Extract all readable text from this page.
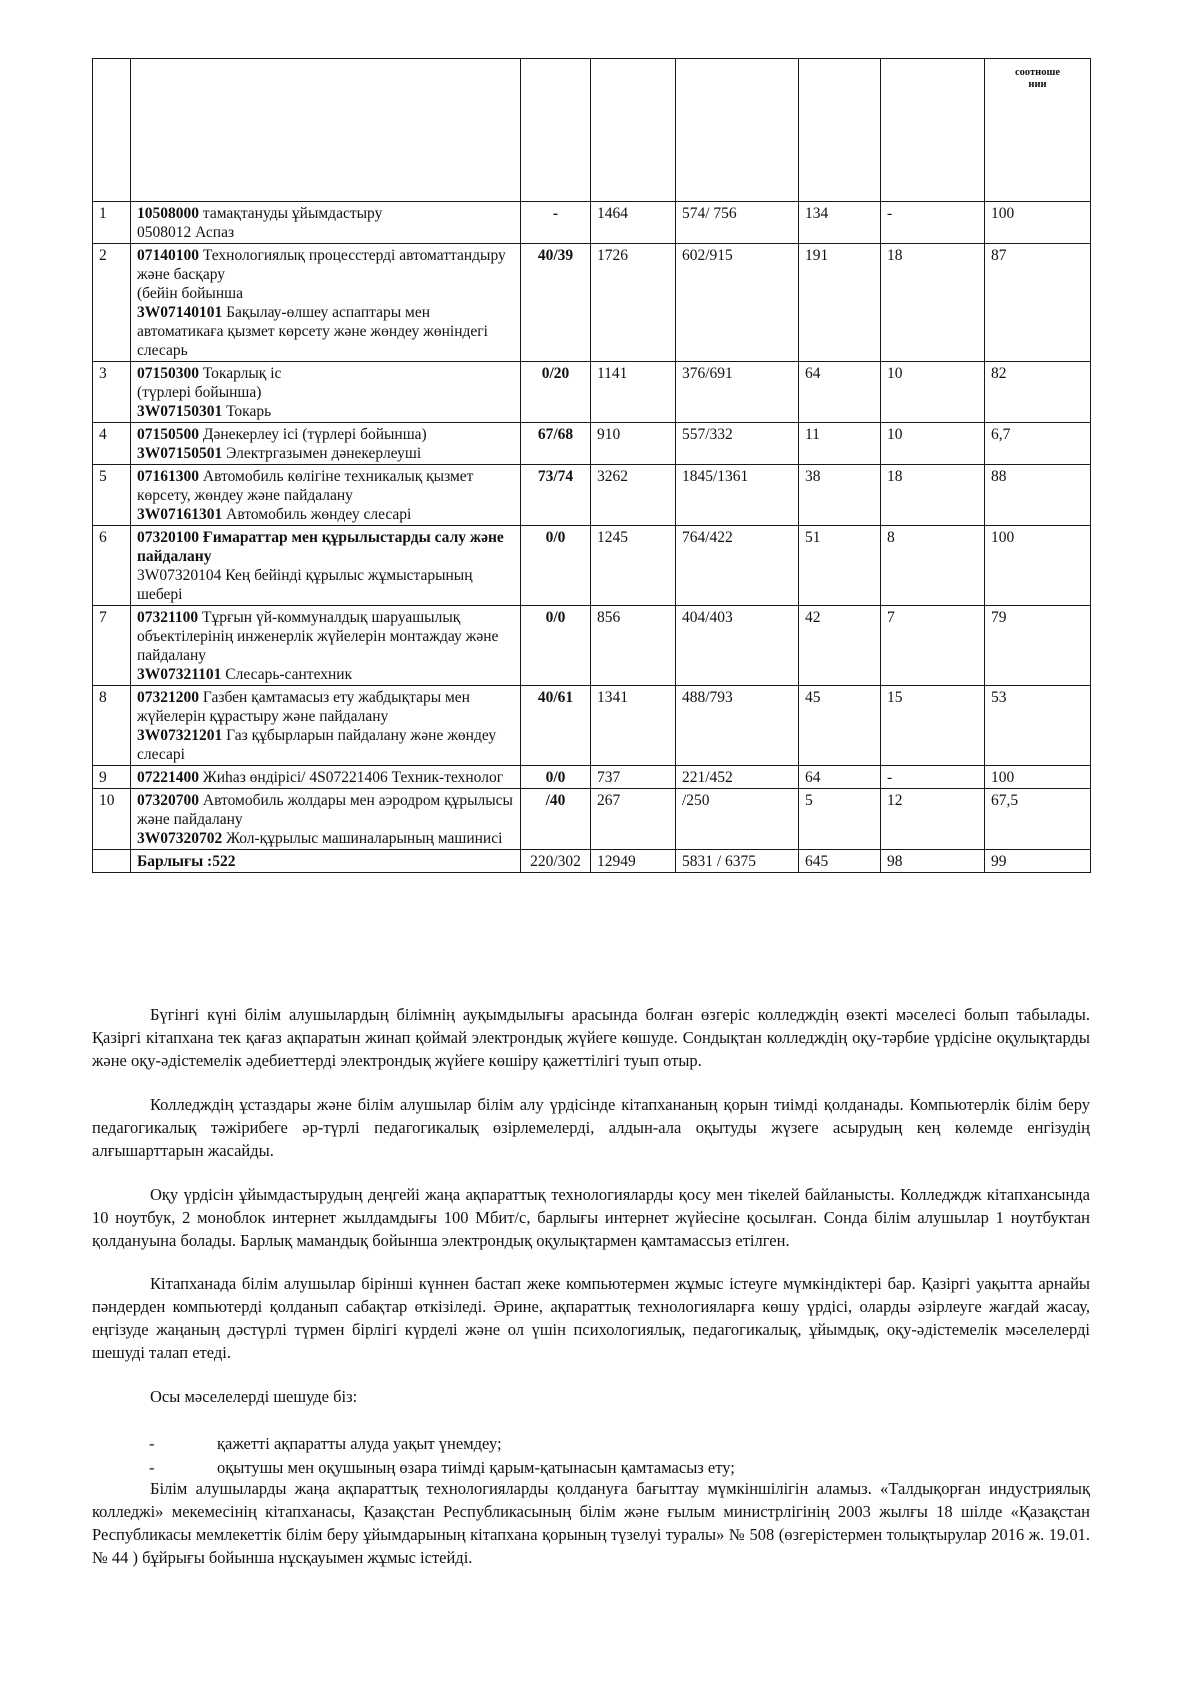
							соотноше
нии

1	10508000 тамақтануды ұйымдастыру
0508012 Аспаз	-	1464	574/ 756	134	-	100
2	07140100 Технологиялық процесстерді автоматтандыру
және басқару
(бейін бойынша
3W07140101 Бақылау-өлшеу аспаптары мен автоматикаға қызмет көрсету және жөндеу жөніндегі слесарь	40/39	1726	602/915	191	18	87
3	07150300 Токарлық іс
(түрлері бойынша)
3W07150301 Токарь	0/20	1141	376/691	64	10	82
4	07150500 Дәнекерлеу ісі (түрлері бойынша)
3W07150501 Электргазымен дәнекерлеуші	67/68	910	557/332	11	10	6,7
5	07161300 Автомобиль көлігіне техникалық қызмет көрсету, жөндеу және пайдалану
3W07161301 Автомобиль жөндеу слесарі	73/74	3262	1845/1361	38	18	88
6	07320100 Ғимараттар мен құрылыстарды салу және пайдалану
3W07320104 Кең бейінді құрылыс жұмыстарының шебері	0/0	1245	764/422	51	8	100
7	07321100 Тұрғын үй-коммуналдық шаруашылық объектілерінің инженерлік жүйелерін монтаждау және пайдалану
3W07321101 Слесарь-сантехник	0/0	856	404/403	42	7	79
8	07321200 Газбен қамтамасыз ету жабдықтары мен жүйелерін құрастыру және пайдалану
3W07321201 Газ құбырларын пайдалану және жөндеу слесарі	40/61	1341	488/793	45	15	53
9	07221400 Жиһаз өндірісі/ 4S07221406 Техник-технолог	0/0	737	221/452	64	-	100
10	07320700 Автомобиль жолдары мен аэродром құрылысы және пайдалану
3W07320702 Жол-құрылыс машиналарының машинисі	/40	267	/250	5	12	67,5
	Барлығы :522	220/302	12949	5831 / 6375	645	98	99

Бүгінгі күні білім алушылардың білімнің ауқымдылығы арасында болған өзгеріс колледждің өзекті мәселесі болып табылады. Қазіргі кітапхана тек қағаз ақпаратын жинап қоймай электрондық жүйеге көшуде. Сондықтан колледждің оқу-тәрбие үрдісіне оқулықтарды және оқу-әдістемелік әдебиеттерді электрондық жүйеге көшіру қажеттілігі туып отыр.

Колледждің ұстаздары және білім алушылар білім алу үрдісінде кітапхананың қорын тиімді қолданады. Компьютерлік білім беру педагогикалық тәжірибеге әр-түрлі педагогикалық өзірлемелерді, алдын-ала оқытуды жүзеге асырудың кең көлемде енгізудің алғышарттарын жасайды.

Оқу үрдісін ұйымдастырудың деңгейі жаңа ақпараттық технологияларды қосу мен тікелей байланысты. Колледждж кітапхансында 10 ноутбук, 2 моноблок интернет жылдамдығы 100 Мбит/с, барлығы интернет жүйесіне қосылған. Сонда білім алушылар 1 ноутбуктан қолдануына болады. Барлық мамандық бойынша электрондық оқулықтармен қамтамассыз етілген.

Кітапханада білім алушылар бірінші күннен бастап жеке компьютермен жұмыс істеуге мүмкіндіктері бар. Қазіргі уақытта арнайы пәндерден компьютерді қолданып сабақтар өткізіледі. Әрине, ақпараттық технологияларға көшу үрдісі, оларды әзірлеуге жағдай жасау, еңгізуде жаңаның дәстүрлі түрмен бірлігі күрделі және ол үшін психологиялық, педагогикалық, ұйымдық, оқу-әдістемелік мәселелерді шешуді талап етеді.

Осы мәселелерді шешуде біз:

-	қажетті ақпаратты алуда уақыт үнемдеу;
-	оқытушы мен оқушының өзара тиімді қарым-қатынасын қамтамасыз ету;

Білім алушыларды жаңа ақпараттық технологияларды қолдануға бағыттау мүмкіншілігін аламыз. «Талдықорған индустриялық колледжі» мекемесінің кітапханасы, Қазақстан Республикасының білім және ғылым министрлігінің 2003 жылғы 18 шілде «Қазақстан Республикасы мемлекеттік білім беру ұйымдарының кітапхана қорының түзелуі туралы» № 508 (өзгерістермен толықтырулар 2016 ж. 19.01. № 44 ) бұйрығы бойынша нұсқауымен жұмыс істейді.
